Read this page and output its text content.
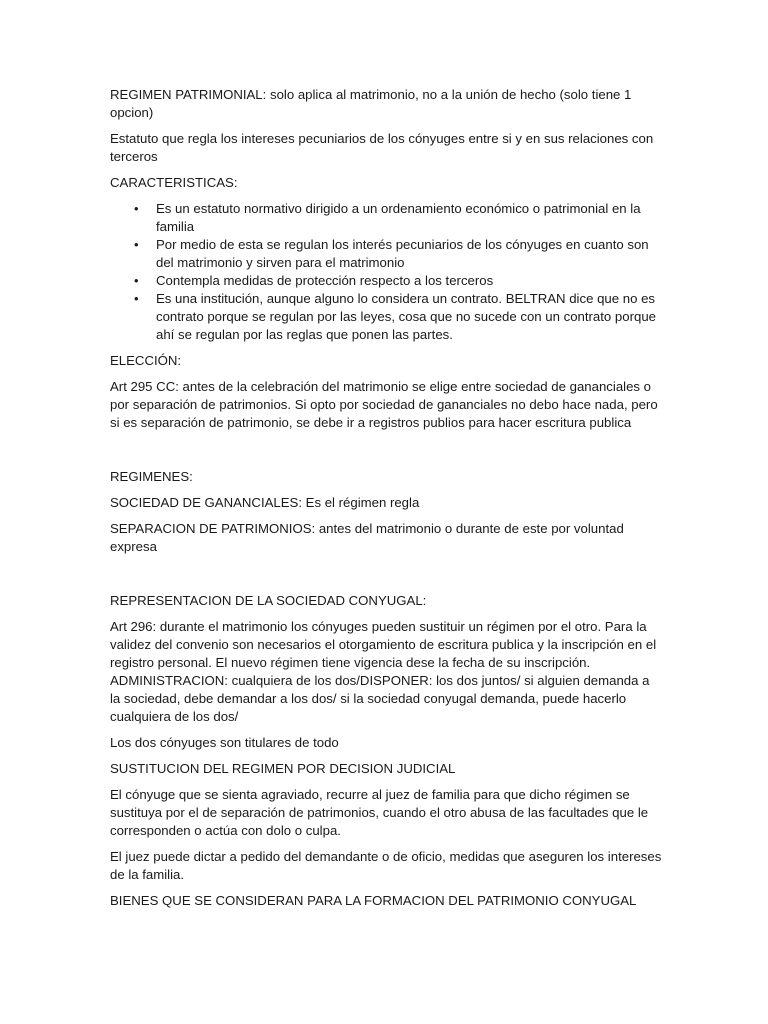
REGIMEN PATRIMONIAL: solo aplica al matrimonio, no a la unión de hecho (solo tiene 1 opcion)

Estatuto que regla los intereses pecuniarios de los cónyuges entre si y en sus relaciones con terceros

CARACTERISTICAS:

• Es un estatuto normativo dirigido a un ordenamiento económico o patrimonial en la familia
• Por medio de esta se regulan los interés pecuniarios de los cónyuges en cuanto son del matrimonio y sirven para el matrimonio
• Contempla medidas de protección respecto a los terceros
• Es una institución, aunque alguno lo considera un contrato. BELTRAN dice que no es contrato porque se regulan por las leyes, cosa que no sucede con un contrato porque ahí se regulan por las reglas que ponen las partes.

ELECCIÓN:

Art 295 CC: antes de la celebración del matrimonio se elige entre sociedad de gananciales o por separación de patrimonios. Si opto por sociedad de gananciales no debo hace nada, pero si es separación de patrimonio, se debe ir a registros publios para hacer escritura publica

REGIMENES:

SOCIEDAD DE GANANCIALES: Es el régimen regla

SEPARACION DE PATRIMONIOS: antes del matrimonio o durante de este por voluntad expresa

REPRESENTACION DE LA SOCIEDAD CONYUGAL:

Art 296: durante el matrimonio los cónyuges pueden sustituir un régimen por el otro. Para la validez del convenio son necesarios el otorgamiento de escritura publica y la inscripción en el registro personal. El nuevo régimen tiene vigencia dese la fecha de su inscripción. ADMINISTRACION: cualquiera de los dos/DISPONER: los dos juntos/ si alguien demanda a la sociedad, debe demandar a los dos/ si la sociedad conyugal demanda, puede hacerlo cualquiera de los dos/

Los dos cónyuges son titulares de todo

SUSTITUCION DEL REGIMEN POR DECISION JUDICIAL

El cónyuge que se sienta agraviado, recurre al juez de familia para que dicho régimen se sustituya por el de separación de patrimonios, cuando el otro abusa de las facultades que le corresponden o actúa con dolo o culpa.

El juez puede dictar a pedido del demandante o de oficio, medidas que aseguren los intereses de la familia.

BIENES QUE SE CONSIDERAN PARA LA FORMACION DEL PATRIMONIO CONYUGAL
